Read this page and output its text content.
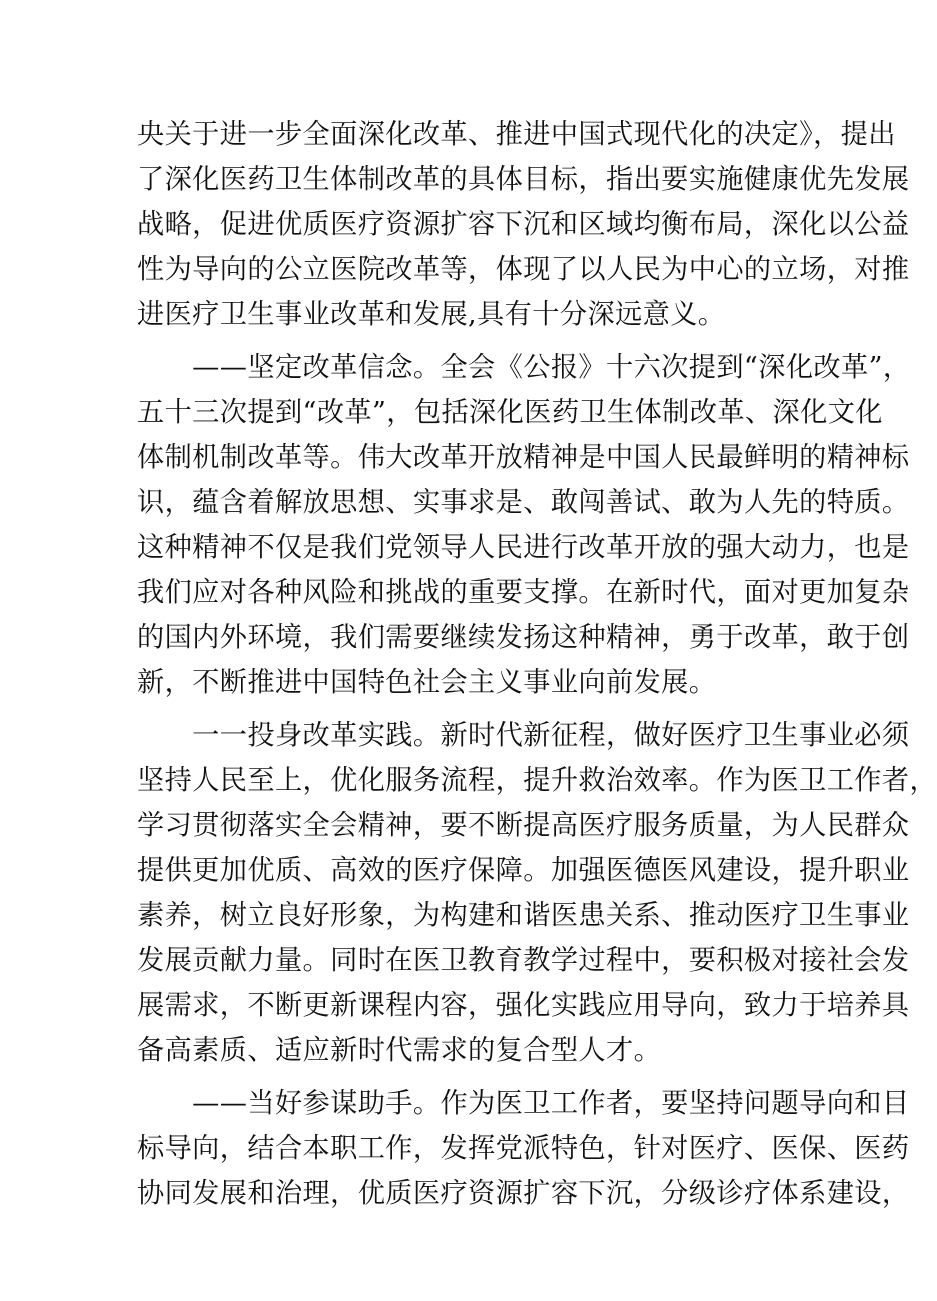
央关于进一步全面深化改革、推进中国式现代化的决定》，提出
了深化医药卫生体制改革的具体目标，指出要实施健康优先发展
战略，促进优质医疗资源扩容下沉和区域均衡布局，深化以公益
性为导向的公立医院改革等，体现了以人民为中心的立场，对推
进医疗卫生事业改革和发展,具有十分深远意义。
　　——坚定改革信念。全会《公报》十六次提到“深化改革”，
五十三次提到“改革”，包括深化医药卫生体制改革、深化文化
体制机制改革等。伟大改革开放精神是中国人民最鲜明的精神标
识，蕴含着解放思想、实事求是、敢闯善试、敢为人先的特质。
这种精神不仅是我们党领导人民进行改革开放的强大动力，也是
我们应对各种风险和挑战的重要支撑。在新时代，面对更加复杂
的国内外环境，我们需要继续发扬这种精神，勇于改革，敢于创
新，不断推进中国特色社会主义事业向前发展。
　　一一投身改革实践。新时代新征程，做好医疗卫生事业必须
坚持人民至上，优化服务流程，提升救治效率。作为医卫工作者，
学习贯彻落实全会精神，要不断提高医疗服务质量，为人民群众
提供更加优质、高效的医疗保障。加强医德医风建设，提升职业
素养，树立良好形象，为构建和谐医患关系、推动医疗卫生事业
发展贡献力量。同时在医卫教育教学过程中，要积极对接社会发
展需求，不断更新课程内容，强化实践应用导向，致力于培养具
备高素质、适应新时代需求的复合型人才。
　　——当好参谋助手。作为医卫工作者，要坚持问题导向和目
标导向，结合本职工作，发挥党派特色，针对医疗、医保、医药
协同发展和治理，优质医疗资源扩容下沉，分级诊疗体系建设，
